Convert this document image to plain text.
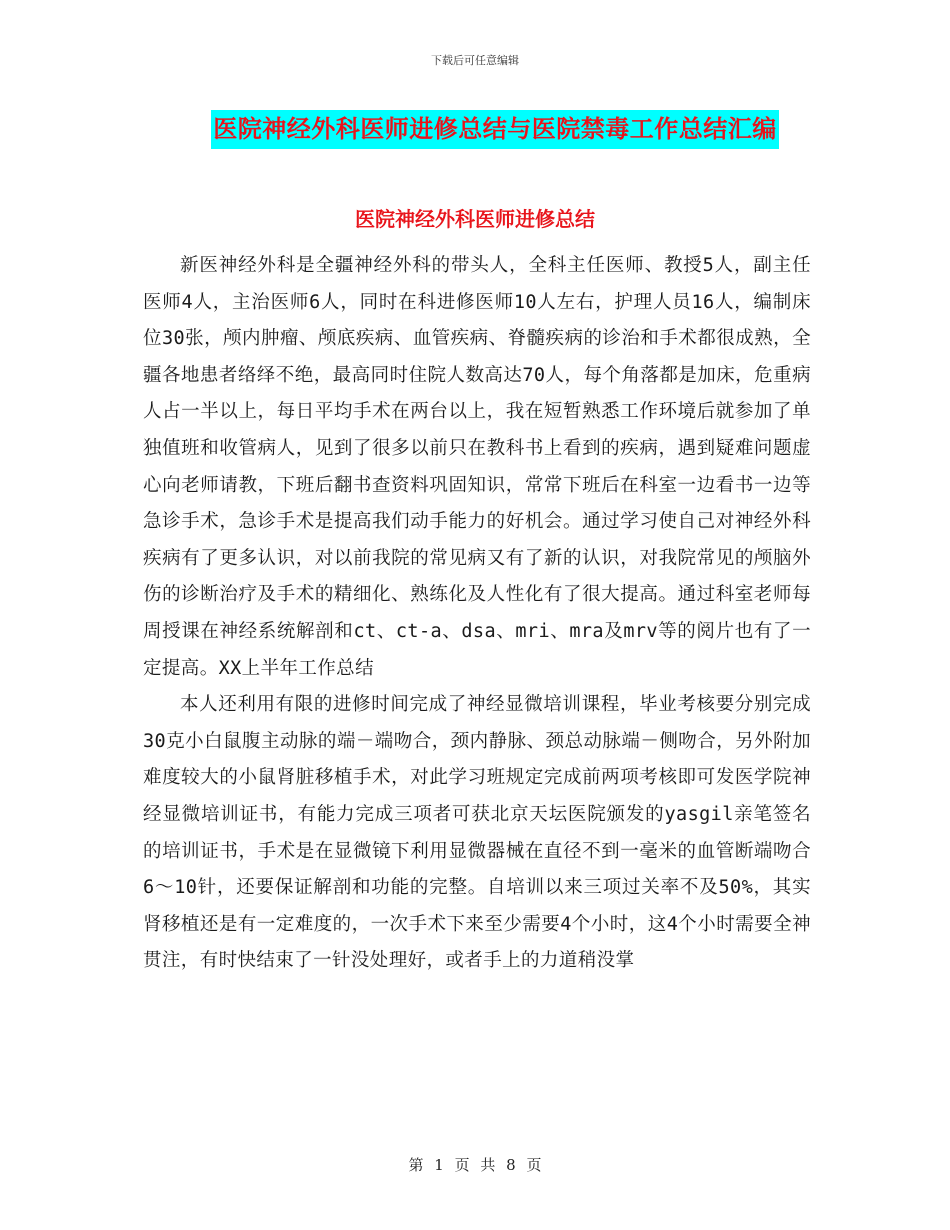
下载后可任意编辑
医院神经外科医师进修总结与医院禁毒工作总结汇编
医院神经外科医师进修总结

新医神经外科是全疆神经外科的带头人，全科主任医师、教授5人，副主任医师4人，主治医师6人，同时在科进修医师10人左右，护理人员16人，编制床位30张，颅内肿瘤、颅底疾病、血管疾病、脊髓疾病的诊治和手术都很成熟，全疆各地患者络绎不绝，最高同时住院人数高达70人，每个角落都是加床，危重病人占一半以上，每日平均手术在两台以上，我在短暂熟悉工作环境后就参加了单独值班和收管病人，见到了很多以前只在教科书上看到的疾病，遇到疑难问题虚心向老师请教，下班后翻书查资料巩固知识，常常下班后在科室一边看书一边等急诊手术，急诊手术是提高我们动手能力的好机会。通过学习使自己对神经外科疾病有了更多认识，对以前我院的常见病又有了新的认识，对我院常见的颅脑外伤的诊断治疗及手术的精细化、熟练化及人性化有了很大提高。通过科室老师每周授课在神经系统解剖和ct、ct-a、dsa、mri、mra及mrv等的阅片也有了一定提高。XX上半年工作总结

本人还利用有限的进修时间完成了神经显微培训课程，毕业考核要分别完成30克小白鼠腹主动脉的端－端吻合，颈内静脉、颈总动脉端－侧吻合，另外附加难度较大的小鼠肾脏移植手术，对此学习班规定完成前两项考核即可发医学院神经显微培训证书，有能力完成三项者可获北京天坛医院颁发的yasgil亲笔签名的培训证书，手术是在显微镜下利用显微器械在直径不到一毫米的血管断端吻合6～10针，还要保证解剖和功能的完整。自培训以来三项过关率不及50%，其实肾移植还是有一定难度的，一次手术下来至少需要4个小时，这4个小时需要全神贯注，有时快结束了一针没处理好，或者手上的力道稍没掌

第 1 页 共 8 页
